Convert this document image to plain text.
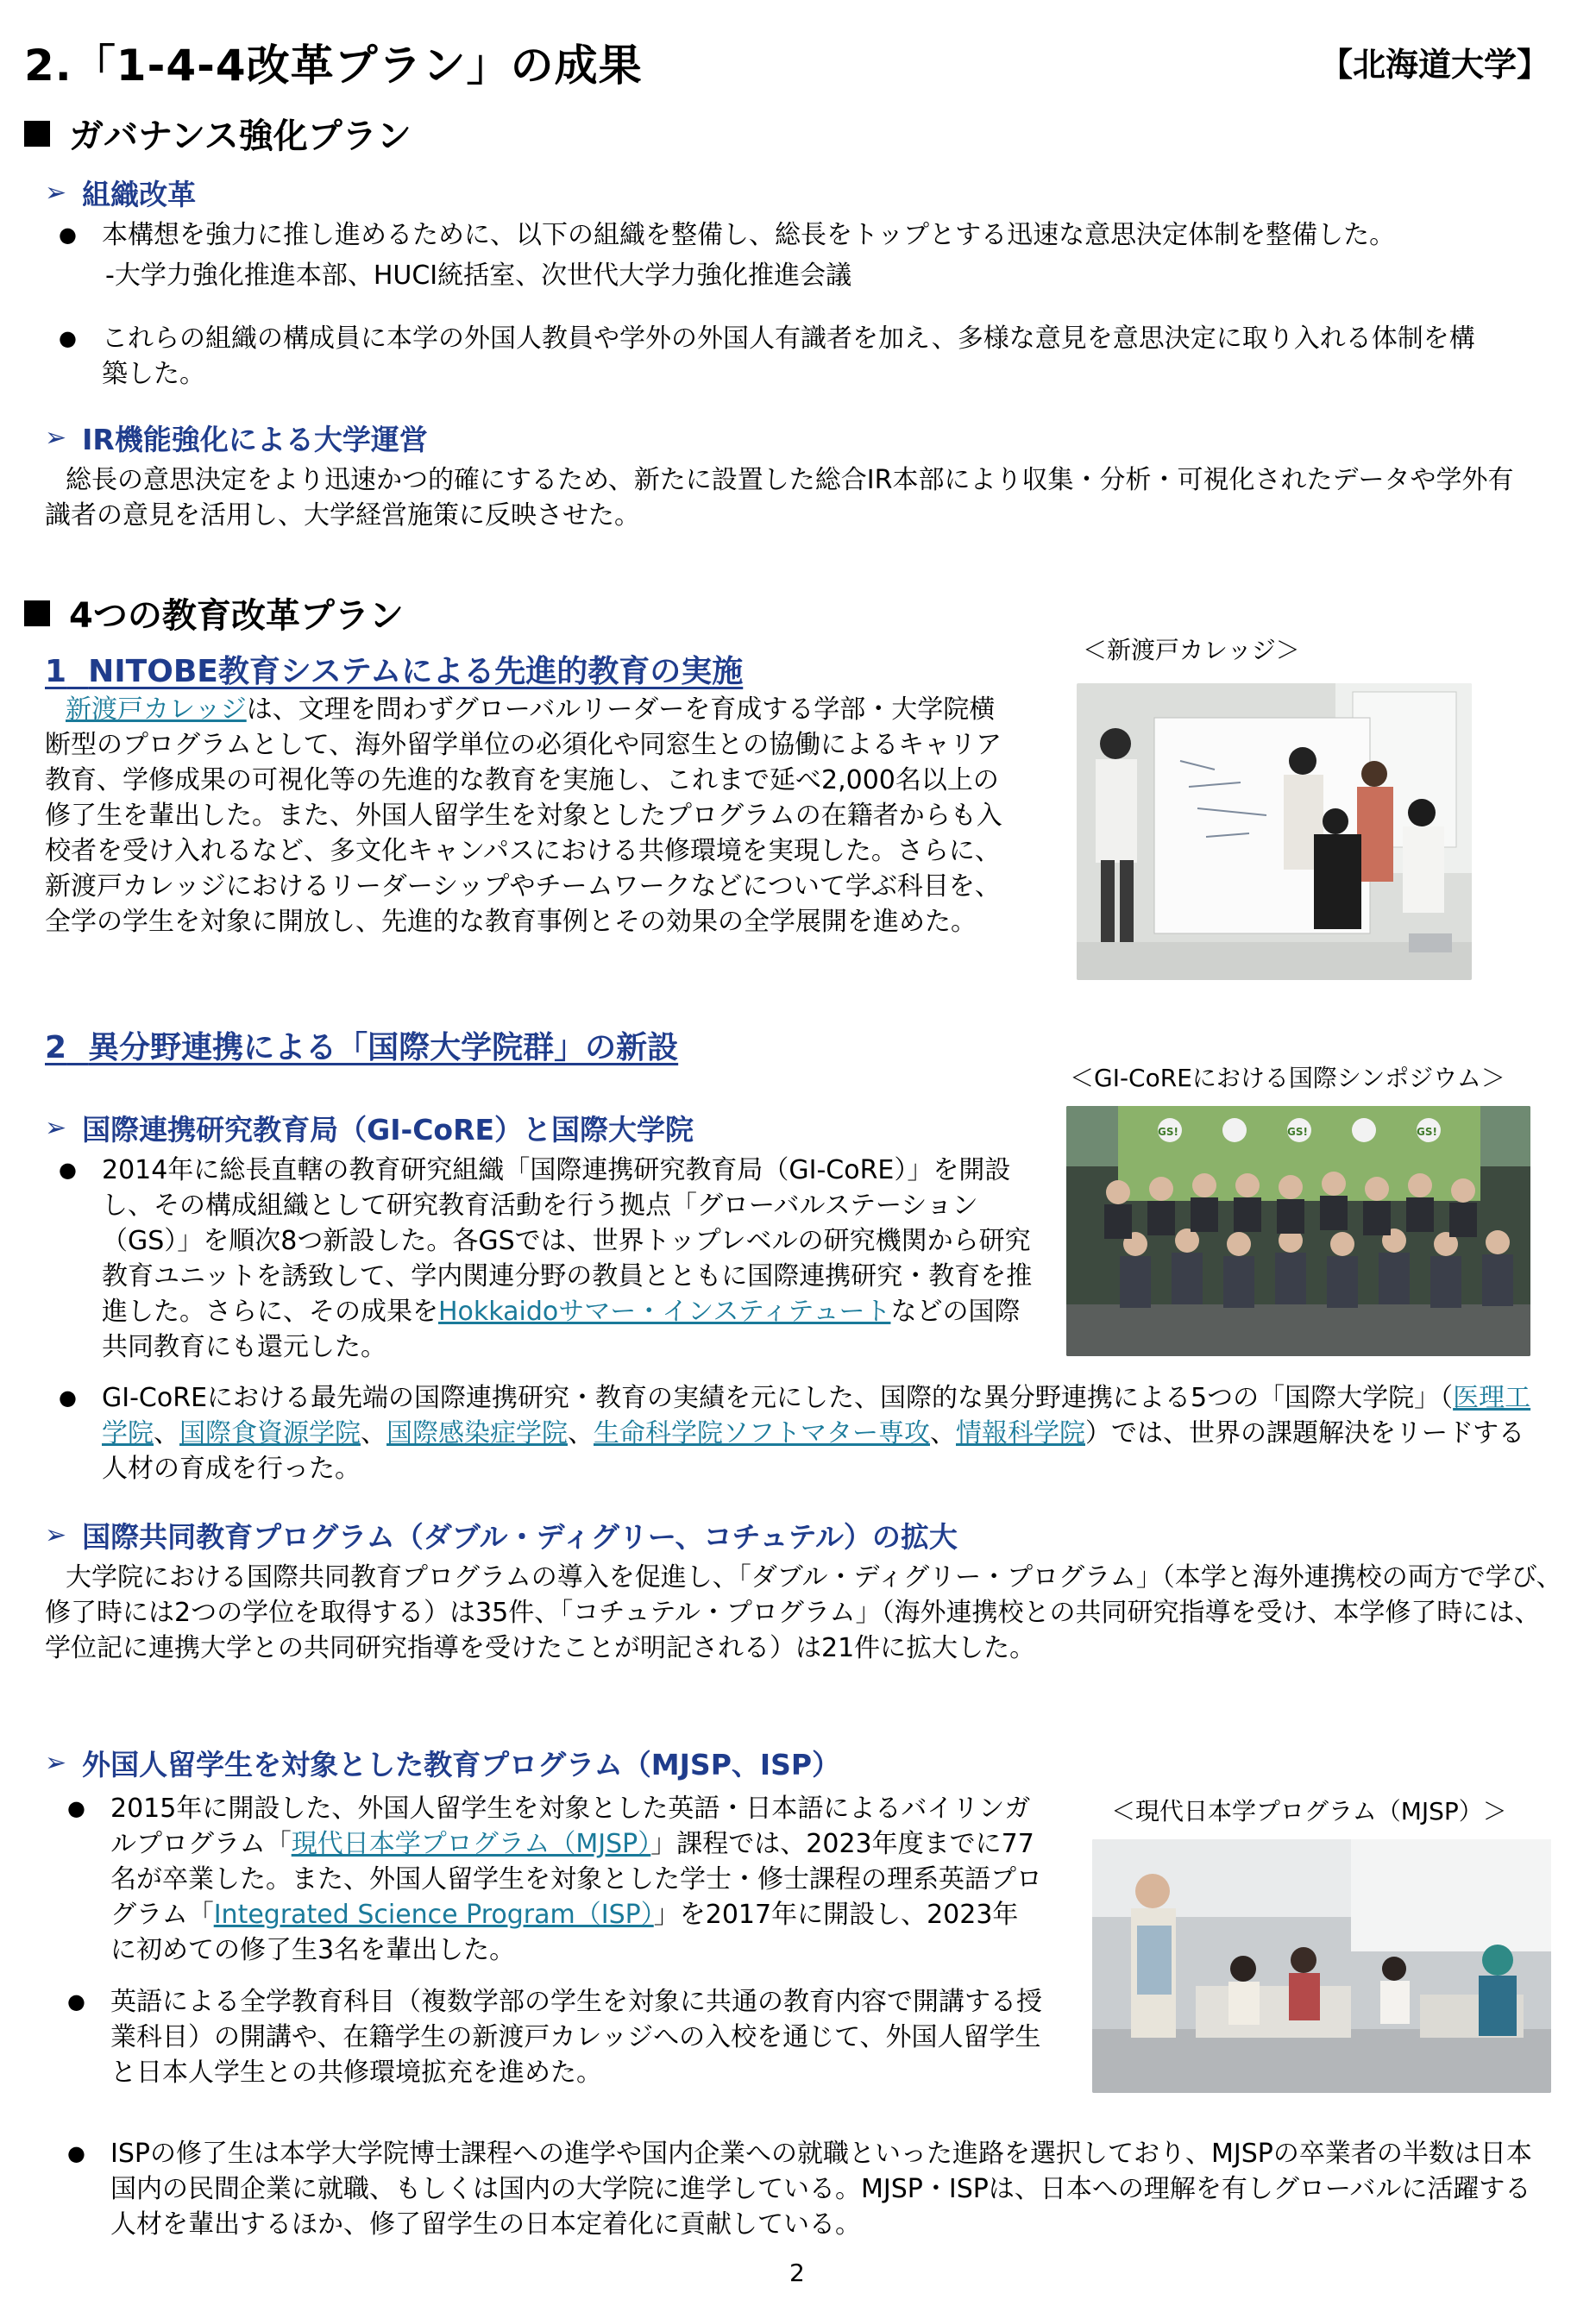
2.「1-4-4改革プラン」の成果	【北海道大学】
ガバナンス強化プラン
➢ 組織改革
● 本構想を強力に推し進めるために、以下の組織を整備し、総長をトップとする迅速な意思決定体制を整備した。
-大学力強化推進本部、HUCI統括室、次世代大学力強化推進会議
● これらの組織の構成員に本学の外国人教員や学外の外国人有識者を加え、多様な意見を意思決定に取り入れる体制を構築した。
➢ IR機能強化による大学運営
総長の意思決定をより迅速かつ的確にするため、新たに設置した総合IR本部により収集・分析・可視化されたデータや学外有識者の意見を活用し、大学経営施策に反映させた。
4つの教育改革プラン
1 NITOBE教育システムによる先進的教育の実施
＜新渡戸カレッジ＞
新渡戸カレッジは、文理を問わずグローバルリーダーを育成する学部・大学院横断型のプログラムとして、海外留学単位の必須化や同窓生との協働によるキャリア教育、学修成果の可視化等の先進的な教育を実施し、これまで延べ2,000名以上の修了生を輩出した。また、外国人留学生を対象としたプログラムの在籍者からも入校者を受け入れるなど、多文化キャンパスにおける共修環境を実現した。さらに、新渡戸カレッジにおけるリーダーシップやチームワークなどについて学ぶ科目を、全学の学生を対象に開放し、先進的な教育事例とその効果の全学展開を進めた。
2 異分野連携による「国際大学院群」の新設
＜GI-CoREにおける国際シンポジウム＞
➢ 国際連携研究教育局（GI-CoRE）と国際大学院
● 2014年に総長直轄の教育研究組織「国際連携研究教育局（GI-CoRE）」を開設し、その構成組織として研究教育活動を行う拠点「グローバルステーション（GS）」を順次8つ新設した。各GSでは、世界トップレベルの研究機関から研究教育ユニットを誘致して、学内関連分野の教員とともに国際連携研究・教育を推進した。さらに、その成果をHokkaidoサマー・インスティテュートなどの国際共同教育にも還元した。
GS!	GS!	GS!
● GI-CoREにおける最先端の国際連携研究・教育の実績を元にした、国際的な異分野連携による5つの「国際大学院」（医理工学院、国際食資源学院、国際感染症学院、生命科学院ソフトマター専攻、情報科学院）では、世界の課題解決をリードする人材の育成を行った。
➢ 国際共同教育プログラム（ダブル・ディグリー、コチュテル）の拡大
大学院における国際共同教育プログラムの導入を促進し、「ダブル・ディグリー・プログラム」（本学と海外連携校の両方で学び、修了時には2つの学位を取得する）は35件、「コチュテル・プログラム」（海外連携校との共同研究指導を受け、本学修了時には、学位記に連携大学との共同研究指導を受けたことが明記される）は21件に拡大した。
➢ 外国人留学生を対象とした教育プログラム（MJSP、ISP）
＜現代日本学プログラム（MJSP）＞
● 2015年に開設した、外国人留学生を対象とした英語・日本語によるバイリンガルプログラム「現代日本学プログラム（MJSP）」課程では、2023年度までに77名が卒業した。また、外国人留学生を対象とした学士・修士課程の理系英語プログラム「Integrated Science Program（ISP）」を2017年に開設し、2023年に初めての修了生3名を輩出した。
● 英語による全学教育科目（複数学部の学生を対象に共通の教育内容で開講する授業科目）の開講や、在籍学生の新渡戸カレッジへの入校を通じて、外国人留学生と日本人学生との共修環境拡充を進めた。
● ISPの修了生は本学大学院博士課程への進学や国内企業への就職といった進路を選択しており、MJSPの卒業者の半数は日本国内の民間企業に就職、もしくは国内の大学院に進学している。MJSP・ISPは、日本への理解を有しグローバルに活躍する人材を輩出するほか、修了留学生の日本定着化に貢献している。
2
